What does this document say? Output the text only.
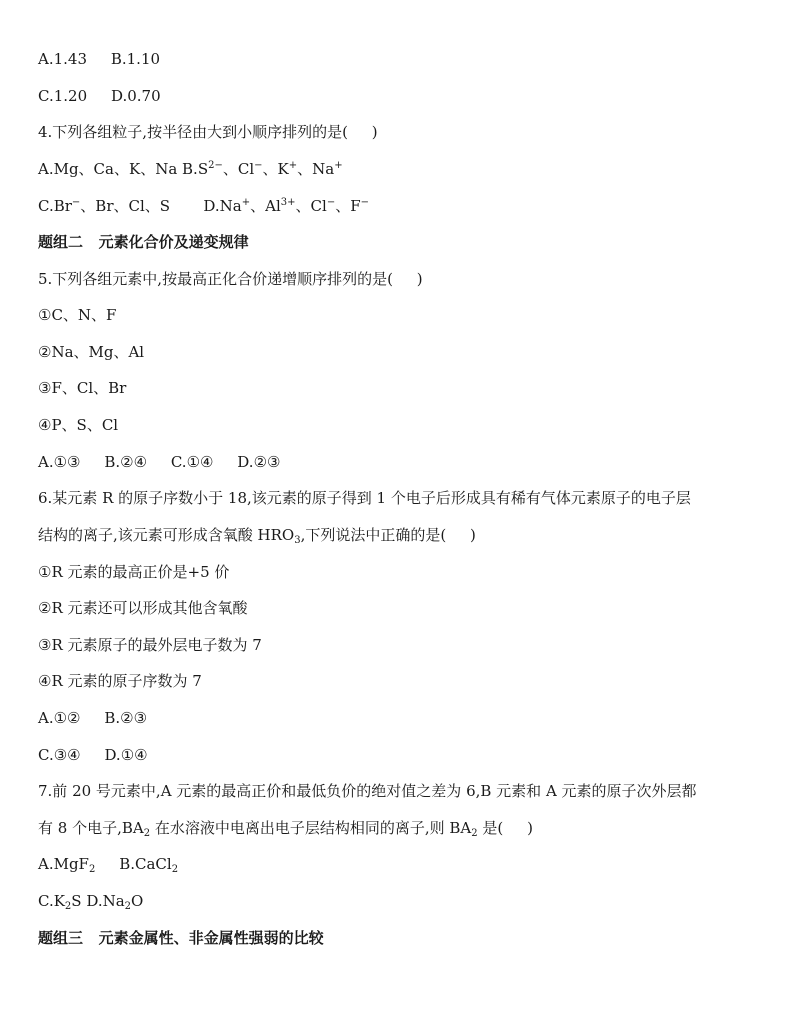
A.1.43     B.1.10
C.1.20     D.0.70
4.下列各组粒子,按半径由大到小顺序排列的是(     )
A.Mg、Ca、K、Na $B.S^{2-}$、Cl−、K+、Na+
C.Br−、Br、Cl、S       D.Na+、$Al^{3+}$、Cl−、F−
题组二   元素化合价及递变规律
5.下列各组元素中,按最高正化合价递增顺序排列的是(     )
①C、N、F
②Na、Mg、Al
③F、Cl、Br
④P、S、Cl
A.①③     B.②④     C.①④     D.②③
6.某元素 R 的原子序数小于 18,该元素的原子得到 1 个电子后形成具有稀有气体元素原子的电子层
结构的离子,该元素可形成含氧酸 $HRO_3$,下列说法中正确的是(     )
①R 元素的最高正价是+5 价
②R 元素还可以形成其他含氧酸
③R 元素原子的最外层电子数为 7
④R 元素的原子序数为 7
A.①②     B.②③
C.③④     D.①④
7.前 20 号元素中,A 元素的最高正价和最低负价的绝对值之差为 6,B 元素和 A 元素的原子次外层都
有 8 个电子$,BA_2$ 在水溶液中电离出电子层结构相同的离子,则 $BA_2$ 是(     )
A.MgF$_2$     B.CaCl$_2$
$C.K_2S$ $D.Na_2O$
题组三   元素金属性、非金属性强弱的比较
